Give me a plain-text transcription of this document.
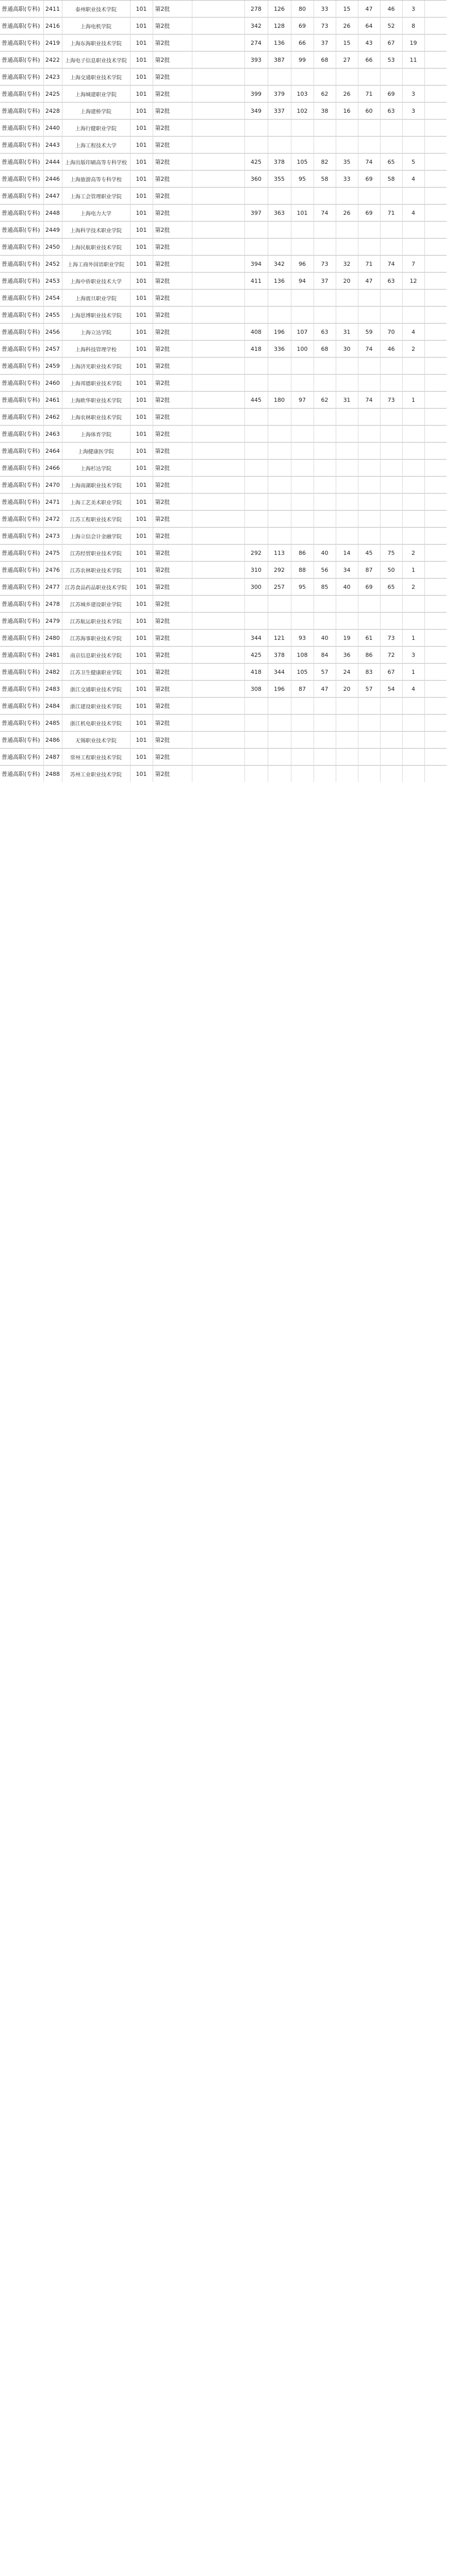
普通高职(专科)	2411	泰州职业技术学院	101	第2批		278	126	80	33	15	47	46	3	
普通高职(专科)	2416	上海电机学院	101	第2批		342	128	69	73	26	64	52	8	
普通高职(专科)	2419	上海东海职业技术学院	101	第2批		274	136	66	37	15	43	67	19	
普通高职(专科)	2422	上海电子信息职业技术学院	101	第2批		393	387	99	68	27	66	53	11	
普通高职(专科)	2423	上海交通职业技术学院	101	第2批										
普通高职(专科)	2425	上海城建职业学院	101	第2批		399	379	103	62	26	71	69	3	
普通高职(专科)	2428	上海建桥学院	101	第2批		349	337	102	38	16	60	63	3	
普通高职(专科)	2440	上海行健职业学院	101	第2批										
普通高职(专科)	2443	上海工程技术大学	101	第2批										
普通高职(专科)	2444	上海出版印刷高等专科学校	101	第2批		425	378	105	82	35	74	65	5	
普通高职(专科)	2446	上海旅游高等专科学校	101	第2批		360	355	95	58	33	69	58	4	
普通高职(专科)	2447	上海工会管理职业学院	101	第2批										
普通高职(专科)	2448	上海电力大学	101	第2批		397	363	101	74	26	69	71	4	
普通高职(专科)	2449	上海科学技术职业学院	101	第2批										
普通高职(专科)	2450	上海民航职业技术学院	101	第2批										
普通高职(专科)	2452	上海工商外国语职业学院	101	第2批		394	342	96	73	32	71	74	7	
普通高职(专科)	2453	上海中侨职业技术大学	101	第2批		411	136	94	37	20	47	63	12	
普通高职(专科)	2454	上海震旦职业学院	101	第2批										
普通高职(专科)	2455	上海思博职业技术学院	101	第2批										
普通高职(专科)	2456	上海立达学院	101	第2批		408	196	107	63	31	59	70	4	
普通高职(专科)	2457	上海科技管理学校	101	第2批		418	336	100	68	30	74	46	2	
普通高职(专科)	2459	上海济光职业技术学院	101	第2批										
普通高职(专科)	2460	上海邦德职业技术学院	101	第2批										
普通高职(专科)	2461	上海欧华职业技术学院	101	第2批		445	180	97	62	31	74	73	1	
普通高职(专科)	2462	上海农林职业技术学院	101	第2批										
普通高职(专科)	2463	上海体育学院	101	第2批										
普通高职(专科)	2464	上海健康医学院	101	第2批										
普通高职(专科)	2466	上海杉达学院	101	第2批										
普通高职(专科)	2470	上海南湖职业技术学院	101	第2批										
普通高职(专科)	2471	上海工艺美术职业学院	101	第2批										
普通高职(专科)	2472	江苏工程职业技术学院	101	第2批										
普通高职(专科)	2473	上海立信会计金融学院	101	第2批										
普通高职(专科)	2475	江苏经贸职业技术学院	101	第2批		292	113	86	40	14	45	75	2	
普通高职(专科)	2476	江苏农林职业技术学院	101	第2批		310	292	88	56	34	87	50	1	
普通高职(专科)	2477	江苏食品药品职业技术学院	101	第2批		300	257	95	85	40	69	65	2	
普通高职(专科)	2478	江苏城乡建设职业学院	101	第2批										
普通高职(专科)	2479	江苏航运职业技术学院	101	第2批										
普通高职(专科)	2480	江苏海事职业技术学院	101	第2批		344	121	93	40	19	61	73	1	
普通高职(专科)	2481	南京信息职业技术学院	101	第2批		425	378	108	84	36	86	72	3	
普通高职(专科)	2482	江苏卫生健康职业学院	101	第2批		418	344	105	57	24	83	67	1	
普通高职(专科)	2483	浙江交通职业技术学院	101	第2批		308	196	87	47	20	57	54	4	
普通高职(专科)	2484	浙江建设职业技术学院	101	第2批										
普通高职(专科)	2485	浙江机电职业技术学院	101	第2批										
普通高职(专科)	2486	无锡职业技术学院	101	第2批										
普通高职(专科)	2487	常州工程职业技术学院	101	第2批										
普通高职(专科)	2488	苏州工业职业技术学院	101	第2批										
